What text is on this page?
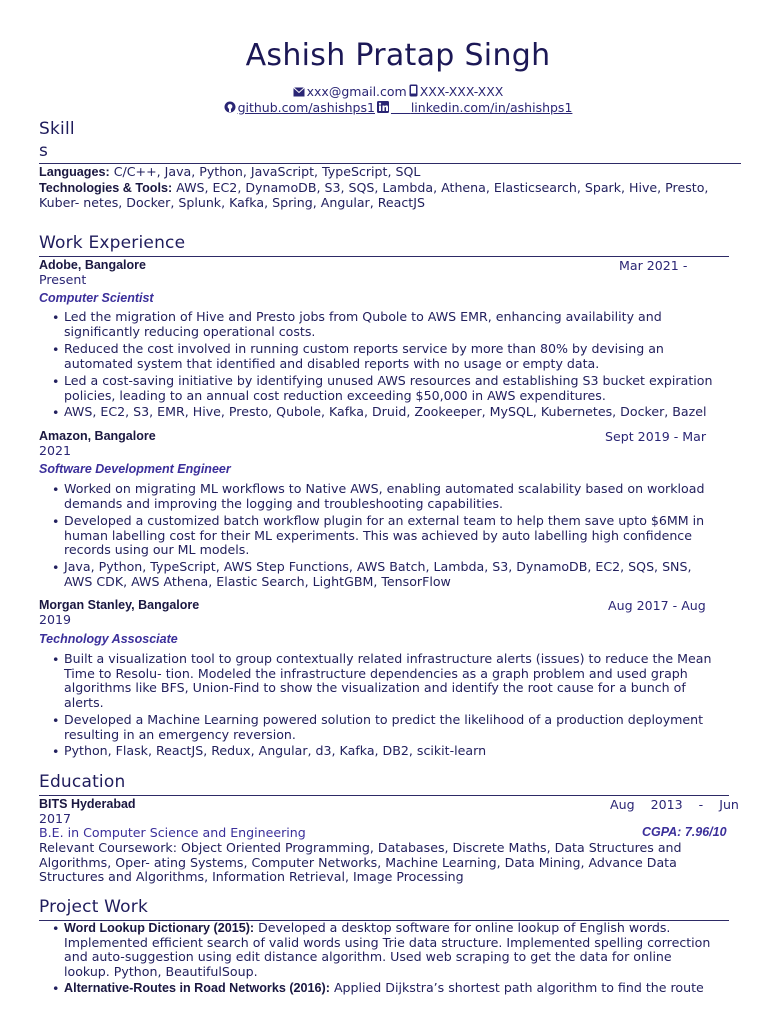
Ashish Pratap Singh
xxx@gmail.com XXX-XXX-XXX
github.com/ashishps1	linkedin.com/in/ashishps1
Skill
s
Languages: C/C++, Java, Python, JavaScript, TypeScript, SQL
Technologies & Tools: AWS, EC2, DynamoDB, S3, SQS, Lambda, Athena, Elasticsearch, Spark, Hive, Presto,
Kuber- netes, Docker, Splunk, Kafka, Spring, Angular, ReactJS
Work Experience
Adobe, Bangalore	Mar 2021 -
Present
Computer Scientist
• Led the migration of Hive and Presto jobs from Qubole to AWS EMR, enhancing availability and
significantly reducing operational costs.
• Reduced the cost involved in running custom reports service by more than 80% by devising an
automated system that identified and disabled reports with no usage or empty data.
• Led a cost-saving initiative by identifying unused AWS resources and establishing S3 bucket expiration
policies, leading to an annual cost reduction exceeding $50,000 in AWS expenditures.
• AWS, EC2, S3, EMR, Hive, Presto, Qubole, Kafka, Druid, Zookeeper, MySQL, Kubernetes, Docker, Bazel
Amazon, Bangalore	Sept 2019 - Mar
2021
Software Development Engineer
• Worked on migrating ML workflows to Native AWS, enabling automated scalability based on workload
demands and improving the logging and troubleshooting capabilities.
• Developed a customized batch workflow plugin for an external team to help them save upto $6MM in
human labelling cost for their ML experiments. This was achieved by auto labelling high confidence
records using our ML models.
• Java, Python, TypeScript, AWS Step Functions, AWS Batch, Lambda, S3, DynamoDB, EC2, SQS, SNS,
AWS CDK, AWS Athena, Elastic Search, LightGBM, TensorFlow
Morgan Stanley, Bangalore	Aug 2017 - Aug
2019
Technology Assosciate
• Built a visualization tool to group contextually related infrastructure alerts (issues) to reduce the Mean
Time to Resolu- tion. Modeled the infrastructure dependencies as a graph problem and used graph
algorithms like BFS, Union-Find to show the visualization and identify the root cause for a bunch of
alerts.
• Developed a Machine Learning powered solution to predict the likelihood of a production deployment
resulting in an emergency reversion.
• Python, Flask, ReactJS, Redux, Angular, d3, Kafka, DB2, scikit-learn
Education
BITS Hyderabad	Aug    2013    -    Jun
2017
B.E. in Computer Science and Engineering	CGPA: 7.96/10
Relevant Coursework: Object Oriented Programming, Databases, Discrete Maths, Data Structures and
Algorithms, Oper- ating Systems, Computer Networks, Machine Learning, Data Mining, Advance Data
Structures and Algorithms, Information Retrieval, Image Processing
Project Work
• Word Lookup Dictionary (2015): Developed a desktop software for online lookup of English words.
Implemented efficient search of valid words using Trie data structure. Implemented spelling correction
and auto-suggestion using edit distance algorithm. Used web scraping to get the data for online
lookup. Python, BeautifulSoup.
• Alternative-Routes in Road Networks (2016): Applied Dijkstra’s shortest path algorithm to find the route
